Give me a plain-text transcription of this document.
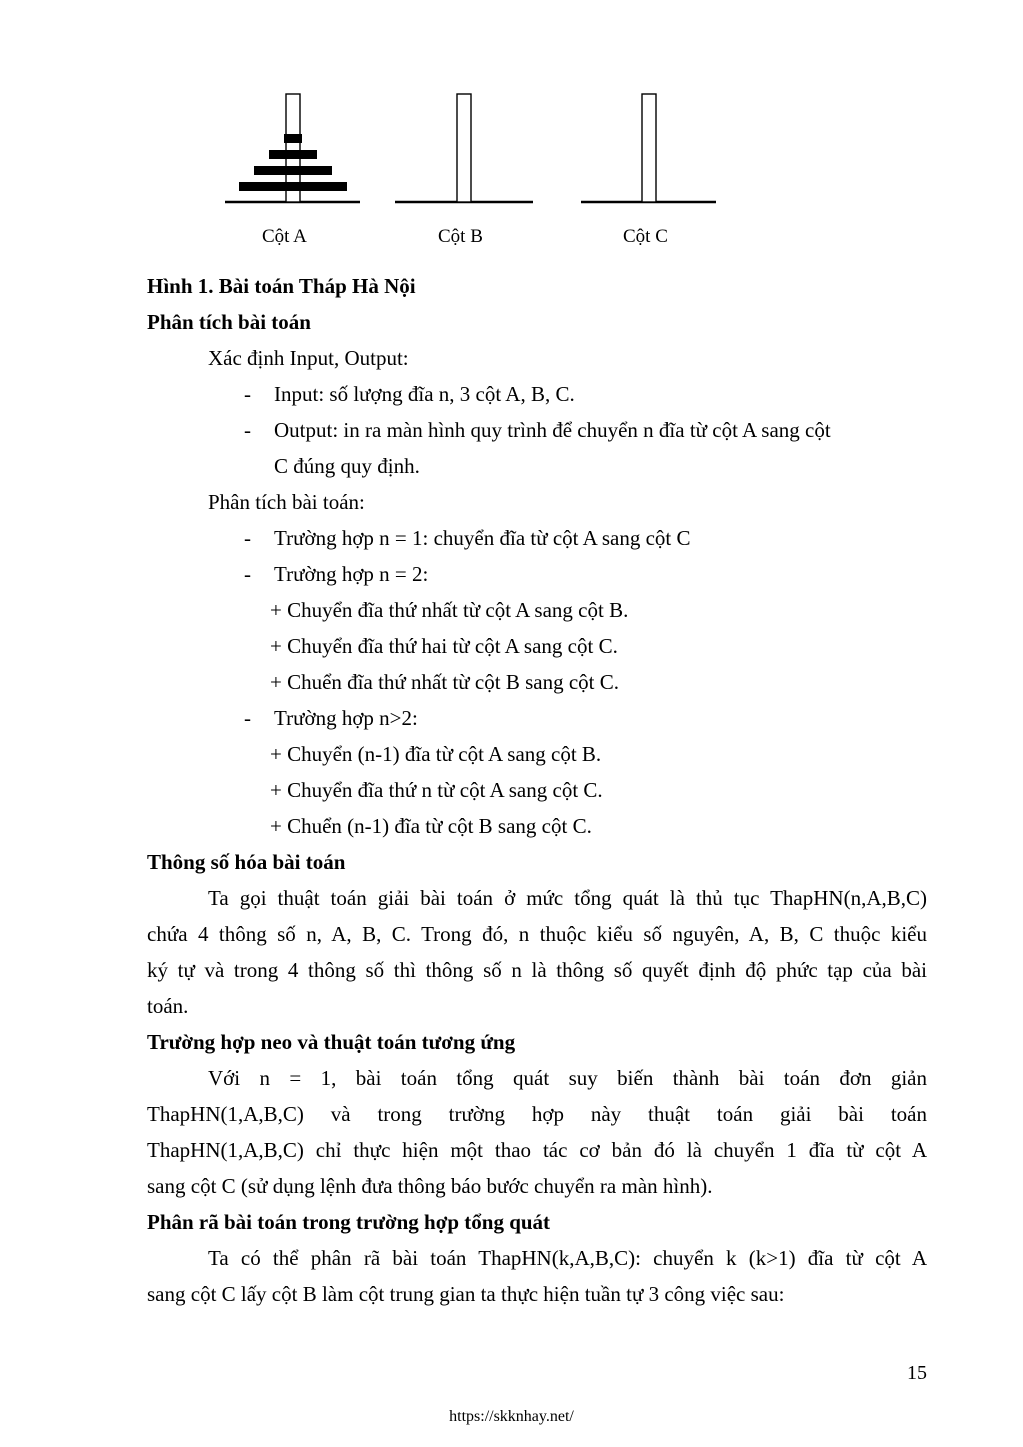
Cột A	Cột B	Cột C
Hình 1. Bài toán Tháp Hà Nội
Phân tích bài toán
Xác định Input, Output:
- Input: số lượng đĩa n, 3 cột A, B, C.
- Output: in ra màn hình quy trình để chuyển n đĩa từ cột A sang cột
C đúng quy định.
Phân tích bài toán:
- Trường hợp n = 1: chuyển đĩa từ cột A sang cột C
- Trường hợp n = 2:
+ Chuyển đĩa thứ nhất từ cột A sang cột B.
+ Chuyển đĩa thứ hai từ cột A sang cột C.
+ Chuển đĩa thứ nhất từ cột B sang cột C.
- Trường hợp n>2:
+ Chuyển (n-1) đĩa từ cột A sang cột B.
+ Chuyển đĩa thứ n từ cột A sang cột C.
+ Chuển (n-1) đĩa từ cột B sang cột C.
Thông số hóa bài toán
Ta gọi thuật toán giải bài toán ở mức tổng quát là thủ tục ThapHN(n,A,B,C)
chứa 4 thông số n, A, B, C. Trong đó, n thuộc kiểu số nguyên, A, B, C thuộc kiểu
ký tự và trong 4 thông số thì thông số n là thông số quyết định độ phức tạp của bài
toán.
Trường hợp neo và thuật toán tương ứng
Với n = 1, bài toán tổng quát suy biến thành bài toán đơn giản
ThapHN(1,A,B,C) và trong trường hợp này thuật toán giải bài toán
ThapHN(1,A,B,C) chỉ thực hiện một thao tác cơ bản đó là chuyển 1 đĩa từ cột A
sang cột C (sử dụng lệnh đưa thông báo bước chuyển ra màn hình).
Phân rã bài toán trong trường hợp tổng quát
Ta có thể phân rã bài toán ThapHN(k,A,B,C): chuyển k (k>1) đĩa từ cột A
sang cột C lấy cột B làm cột trung gian ta thực hiện tuần tự 3 công việc sau:
15
https://skknhay.net/
